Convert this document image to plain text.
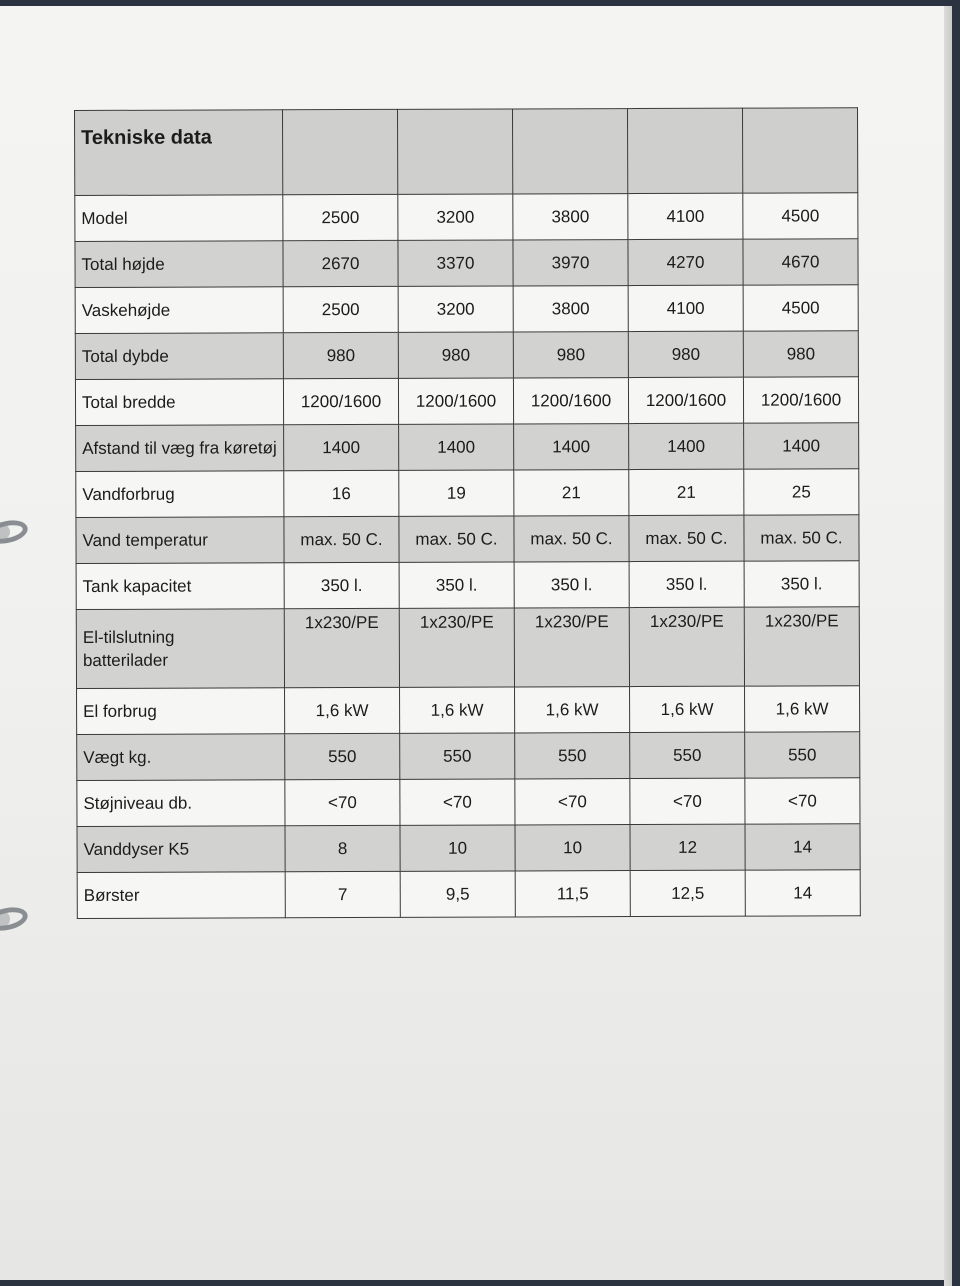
Tekniske data					
Model	2500	3200	3800	4100	4500
Total højde	2670	3370	3970	4270	4670
Vaskehøjde	2500	3200	3800	4100	4500
Total dybde	980	980	980	980	980
Total bredde	1200/1600	1200/1600	1200/1600	1200/1600	1200/1600
Afstand til væg fra køretøj	1400	1400	1400	1400	1400
Vandforbrug	16	19	21	21	25
Vand temperatur	max. 50 C.	max. 50 C.	max. 50 C.	max. 50 C.	max. 50 C.
Tank kapacitet	350 l.	350 l.	350 l.	350 l.	350 l.

El-tilslutning
batterilader	1x230/PE	1x230/PE	1x230/PE	1x230/PE	1x230/PE
El forbrug	1,6 kW	1,6 kW	1,6 kW	1,6 kW	1,6 kW
Vægt kg.	550	550	550	550	550
Støjniveau db.	<70	<70	<70	<70	<70
Vanddyser K5	8	10	10	12	14
Børster	7	9,5	11,5	12,5	14
